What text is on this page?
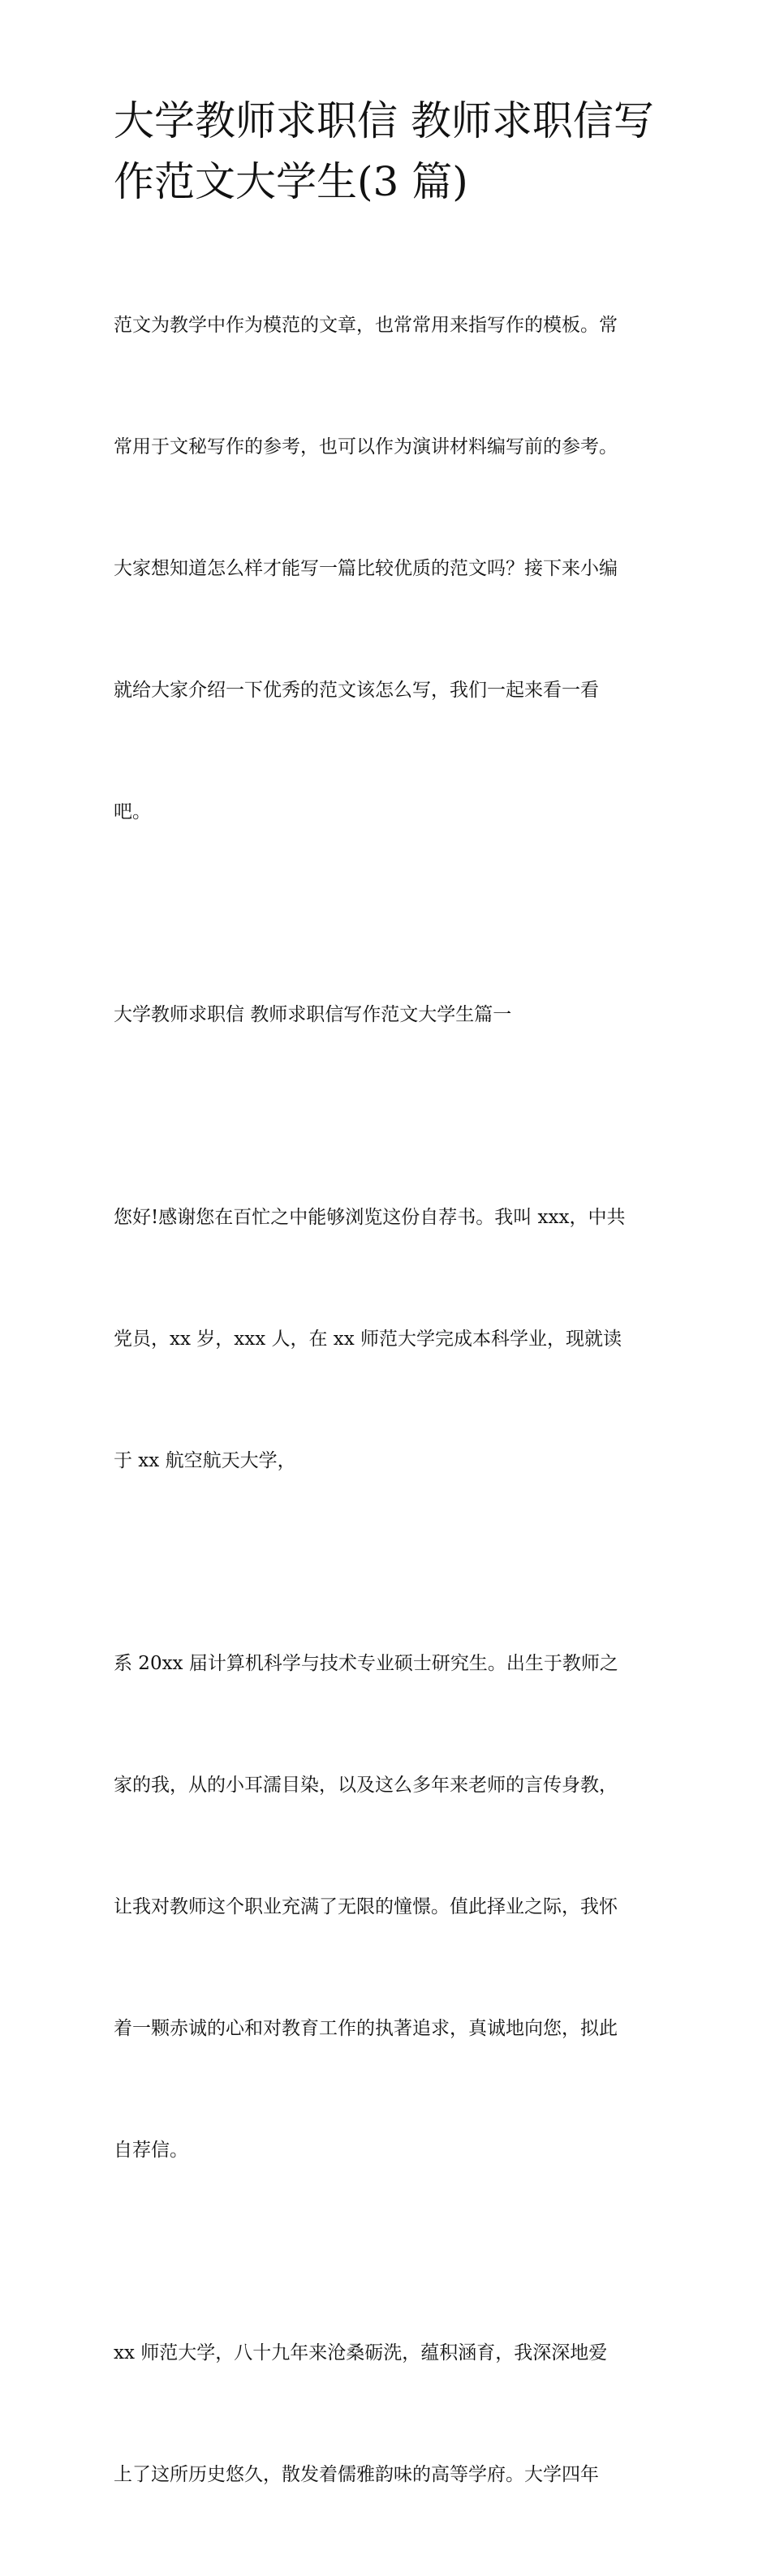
大学教师求职信 教师求职信写
作范文大学生(3 篇)

范文为教学中作为模范的文章，也常常用来指写作的模板。常

常用于文秘写作的参考，也可以作为演讲材料编写前的参考。

大家想知道怎么样才能写一篇比较优质的范文吗？接下来小编

就给大家介绍一下优秀的范文该怎么写，我们一起来看一看

吧。

大学教师求职信 教师求职信写作范文大学生篇一

您好!感谢您在百忙之中能够浏览这份自荐书。我叫 xxx，中共

党员，xx 岁，xxx 人，在 xx 师范大学完成本科学业，现就读

于 xx 航空航天大学，

系 20xx 届计算机科学与技术专业硕士研究生。出生于教师之

家的我，从的小耳濡目染，以及这么多年来老师的言传身教，

让我对教师这个职业充满了无限的憧憬。值此择业之际，我怀

着一颗赤诚的心和对教育工作的执著追求，真诚地向您，拟此

自荐信。

xx 师范大学，八十九年来沧桑砺洗，蕴积涵育，我深深地爱

上了这所历史悠久，散发着儒雅韵味的高等学府。大学四年
